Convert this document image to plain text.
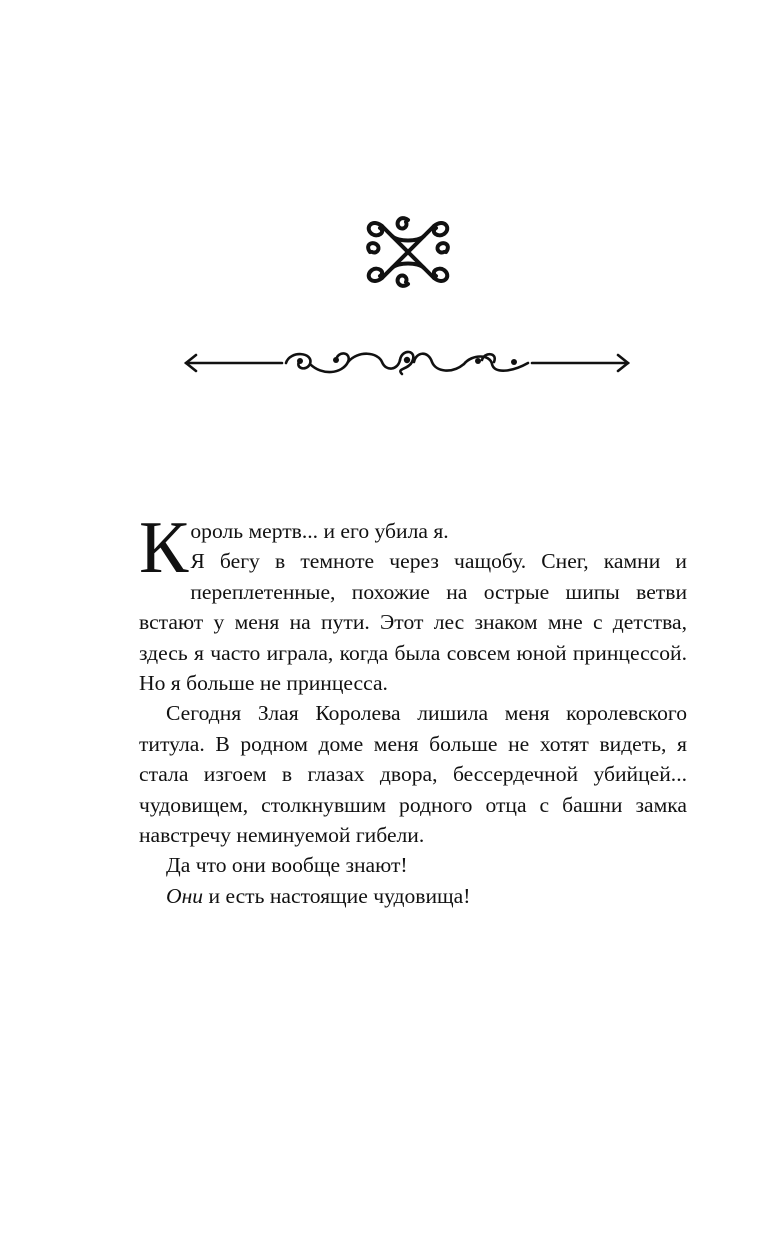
Король мертв... и его убила я.
Я бегу в темноте через чащобу. Снег, камни и переплетенные, похожие на острые шипы ветви встают у меня на пути. Этот лес знаком мне с детства, здесь я часто играла, когда была совсем юной принцессой. Но я больше не принцесса.

Сегодня Злая Королева лишила меня королевского титула. В родном доме меня больше не хотят видеть, я стала изгоем в глазах двора, бессердечной убийцей... чудовищем, столкнувшим родного отца с башни замка навстречу неминуемой гибели.

Да что они вообще знают!

Они и есть настоящие чудовища!
